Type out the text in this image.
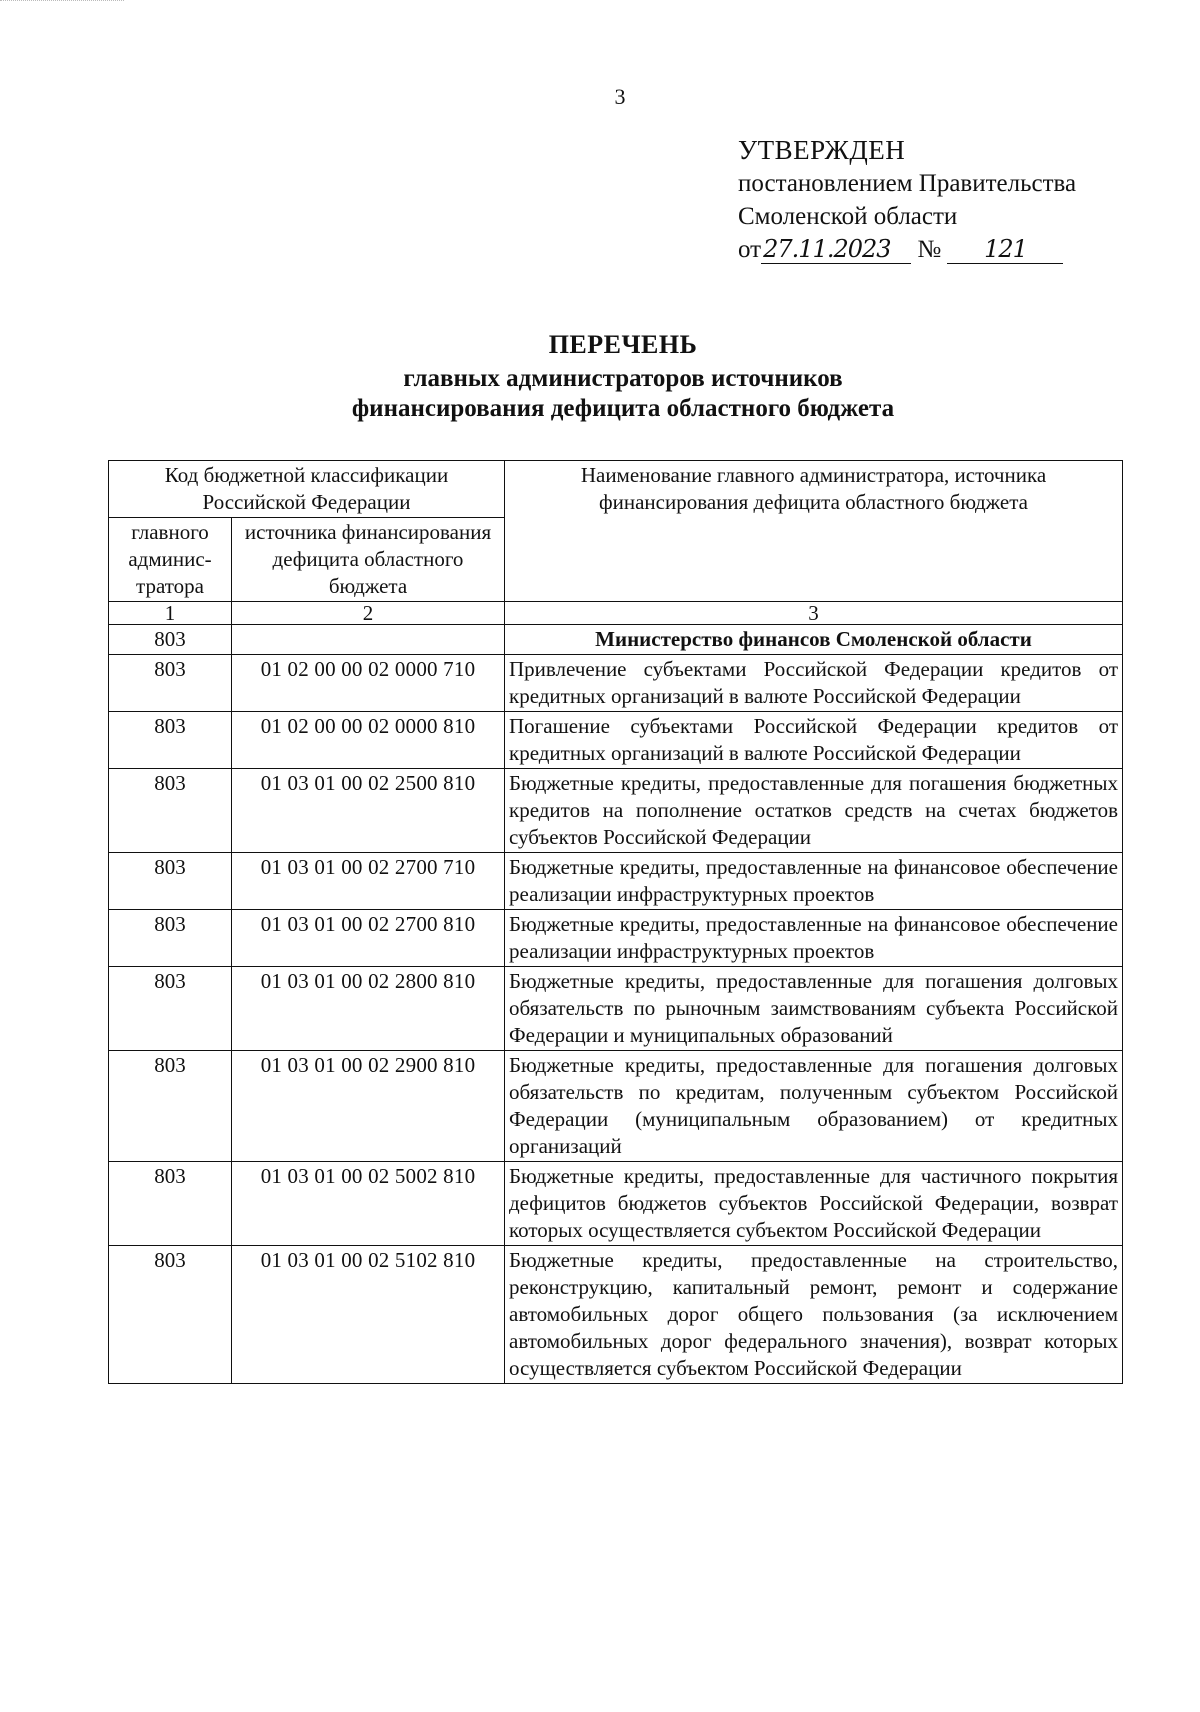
3
УТВЕРЖДЕН
постановлением Правительства
Смоленской области
от27.11.2023 № 121
ПЕРЕЧЕНЬ
главных администраторов источников
финансирования дефицита областного бюджета
Код бюджетной классификации Российской Федерации		Наименование главного администратора, источника финансирования дефицита областного бюджета
главного админис-тратора	источника финансирования дефицита областного бюджета	
1	2	3
803		Министерство финансов Смоленской области
803	01 02 00 00 02 0000 710	Привлечение субъектами Российской Федерации кредитов от кредитных организаций в валюте Российской Федерации
803	01 02 00 00 02 0000 810	Погашение субъектами Российской Федерации кредитов от кредитных организаций в валюте Российской Федерации
803	01 03 01 00 02 2500 810	Бюджетные кредиты, предоставленные для погашения бюджетных кредитов на пополнение остатков средств на счетах бюджетов субъектов Российской Федерации
803	01 03 01 00 02 2700 710	Бюджетные кредиты, предоставленные на финансовое обеспечение реализации инфраструктурных проектов
803	01 03 01 00 02 2700 810	Бюджетные кредиты, предоставленные на финансовое обеспечение реализации инфраструктурных проектов
803	01 03 01 00 02 2800 810	Бюджетные кредиты, предоставленные для погашения долговых обязательств по рыночным заимствованиям субъекта Российской Федерации и муниципальных образований
803	01 03 01 00 02 2900 810	Бюджетные кредиты, предоставленные для погашения долговых обязательств по кредитам, полученным субъектом Российской Федерации (муниципальным образованием) от кредитных организаций
803	01 03 01 00 02 5002 810	Бюджетные кредиты, предоставленные для частичного покрытия дефицитов бюджетов субъектов Российской Федерации, возврат которых осуществляется субъектом Российской Федерации
803	01 03 01 00 02 5102 810	Бюджетные кредиты, предоставленные на строительство, реконструкцию, капитальный ремонт, ремонт и содержание автомобильных дорог общего пользования (за исключением автомобильных дорог федерального значения), возврат которых осуществляется субъектом Российской Федерации
